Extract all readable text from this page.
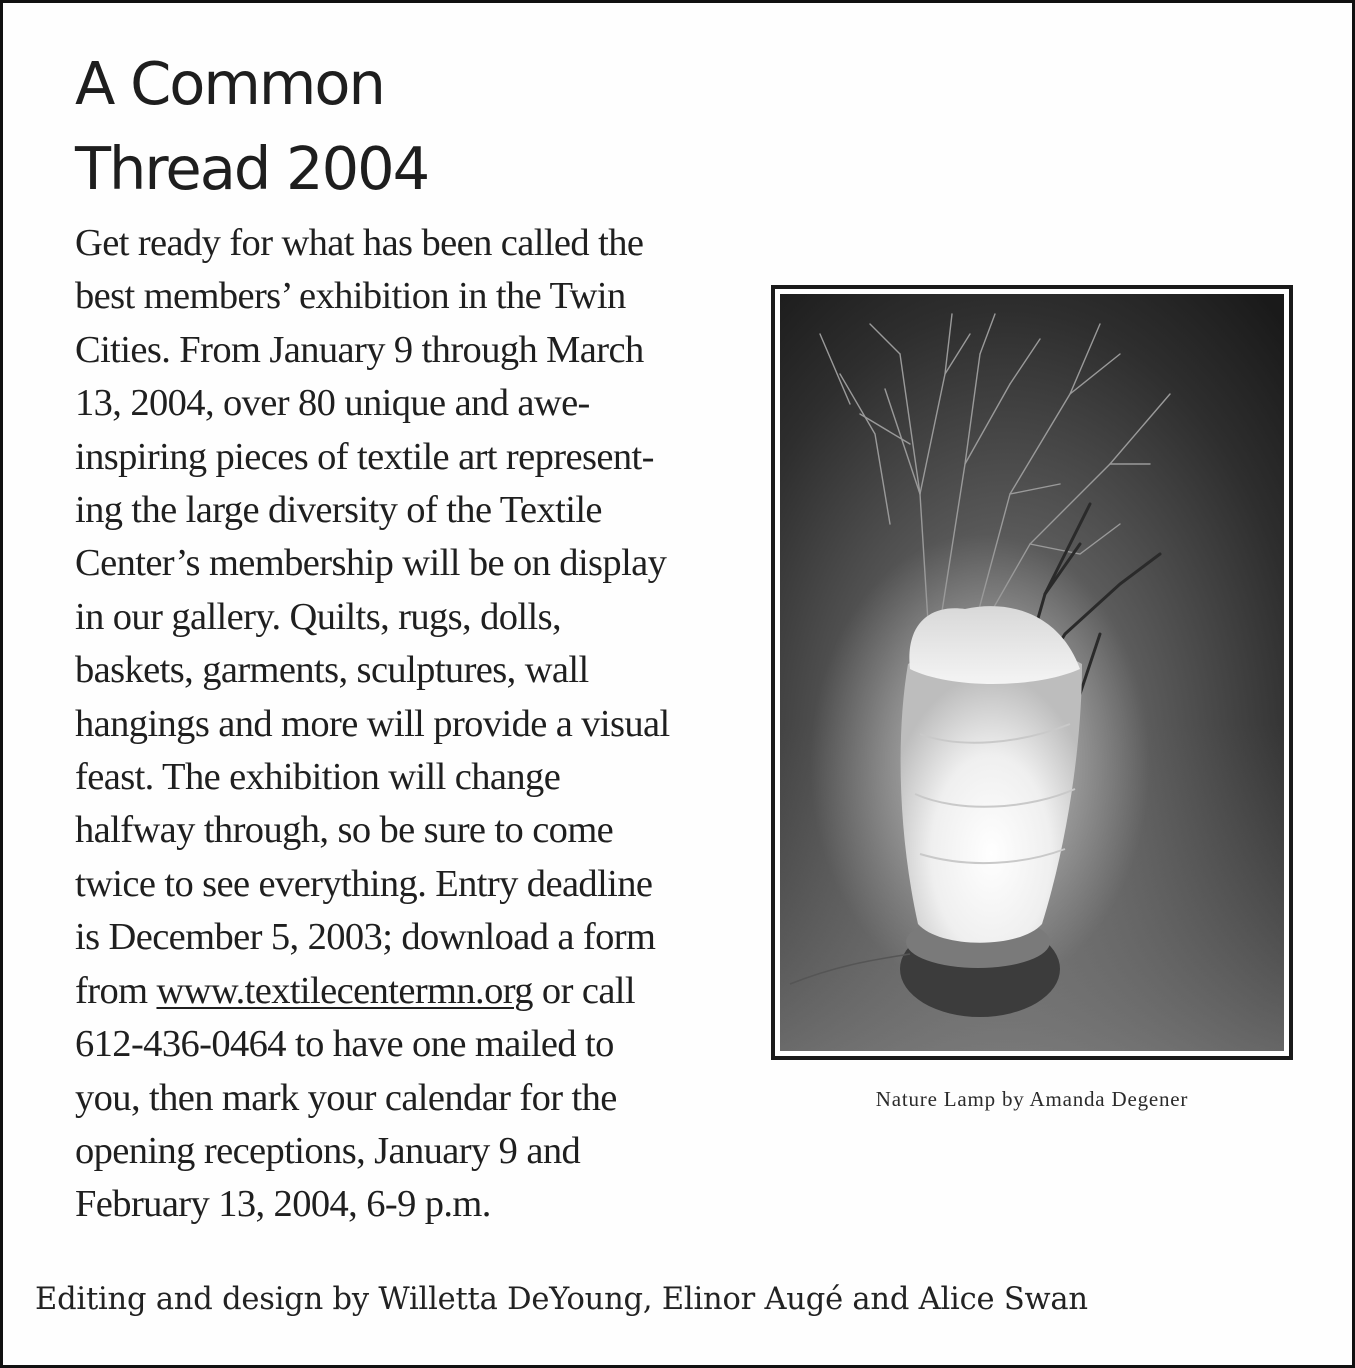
A Common
Thread 2004
Get ready for what has been called the
best members’ exhibition in the Twin
Cities. From January 9 through March
13, 2004, over 80 unique and awe-
inspiring pieces of textile art represent-
ing the large diversity of the Textile
Center’s membership will be on display
in our gallery. Quilts, rugs, dolls,
baskets, garments, sculptures, wall
hangings and more will provide a visual
feast. The exhibition will change
halfway through, so be sure to come
twice to see everything. Entry deadline
is December 5, 2003; download a form
from www.textilecentermn.org or call
612-436-0464 to have one mailed to
you, then mark your calendar for the
opening receptions, January 9 and
February 13, 2004, 6-9 p.m.

Nature Lamp by Amanda Degener

Editing and design by Willetta DeYoung, Elinor Augé and Alice Swan
